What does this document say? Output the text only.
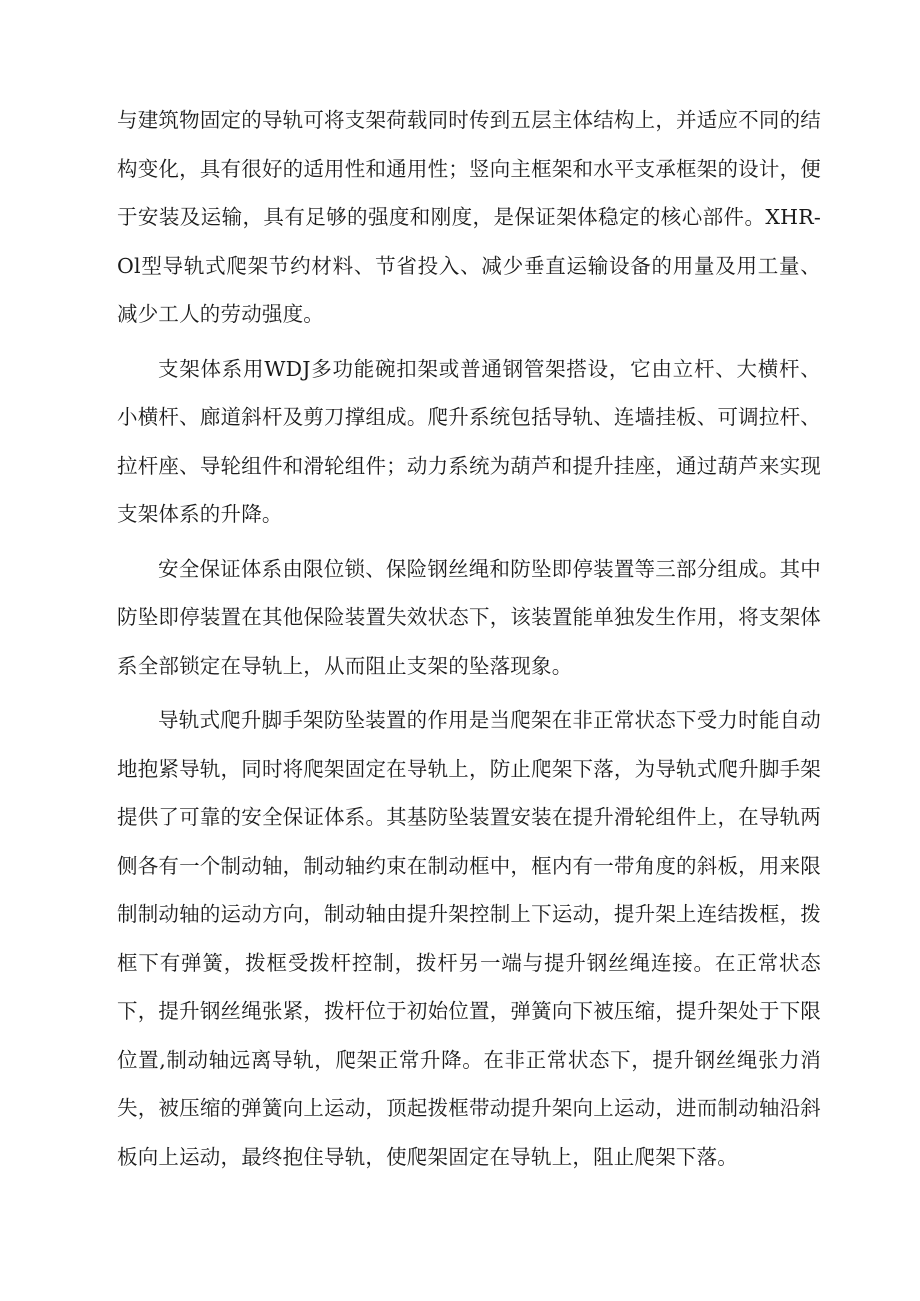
与建筑物固定的导轨可将支架荷载同时传到五层主体结构上，并适应不同的结构变化，具有很好的适用性和通用性；竖向主框架和水平支承框架的设计，便于安装及运输，具有足够的强度和刚度，是保证架体稳定的核心部件。XHR-Ol型导轨式爬架节约材料、节省投入、减少垂直运输设备的用量及用工量、减少工人的劳动强度。

支架体系用WDJ多功能碗扣架或普通钢管架搭设，它由立杆、大横杆、小横杆、廊道斜杆及剪刀撑组成。爬升系统包括导轨、连墙挂板、可调拉杆、拉杆座、导轮组件和滑轮组件；动力系统为葫芦和提升挂座，通过葫芦来实现支架体系的升降。

安全保证体系由限位锁、保险钢丝绳和防坠即停装置等三部分组成。其中防坠即停装置在其他保险装置失效状态下，该装置能单独发生作用，将支架体系全部锁定在导轨上，从而阻止支架的坠落现象。

导轨式爬升脚手架防坠装置的作用是当爬架在非正常状态下受力时能自动地抱紧导轨，同时将爬架固定在导轨上，防止爬架下落，为导轨式爬升脚手架提供了可靠的安全保证体系。其基防坠装置安装在提升滑轮组件上，在导轨两侧各有一个制动轴，制动轴约束在制动框中，框内有一带角度的斜板，用来限制制动轴的运动方向，制动轴由提升架控制上下运动，提升架上连结拨框，拨框下有弹簧，拨框受拨杆控制，拨杆另一端与提升钢丝绳连接。在正常状态下，提升钢丝绳张紧，拨杆位于初始位置，弹簧向下被压缩，提升架处于下限位置,制动轴远离导轨，爬架正常升降。在非正常状态下，提升钢丝绳张力消失，被压缩的弹簧向上运动，顶起拨框带动提升架向上运动，进而制动轴沿斜板向上运动，最终抱住导轨，使爬架固定在导轨上，阻止爬架下落。
